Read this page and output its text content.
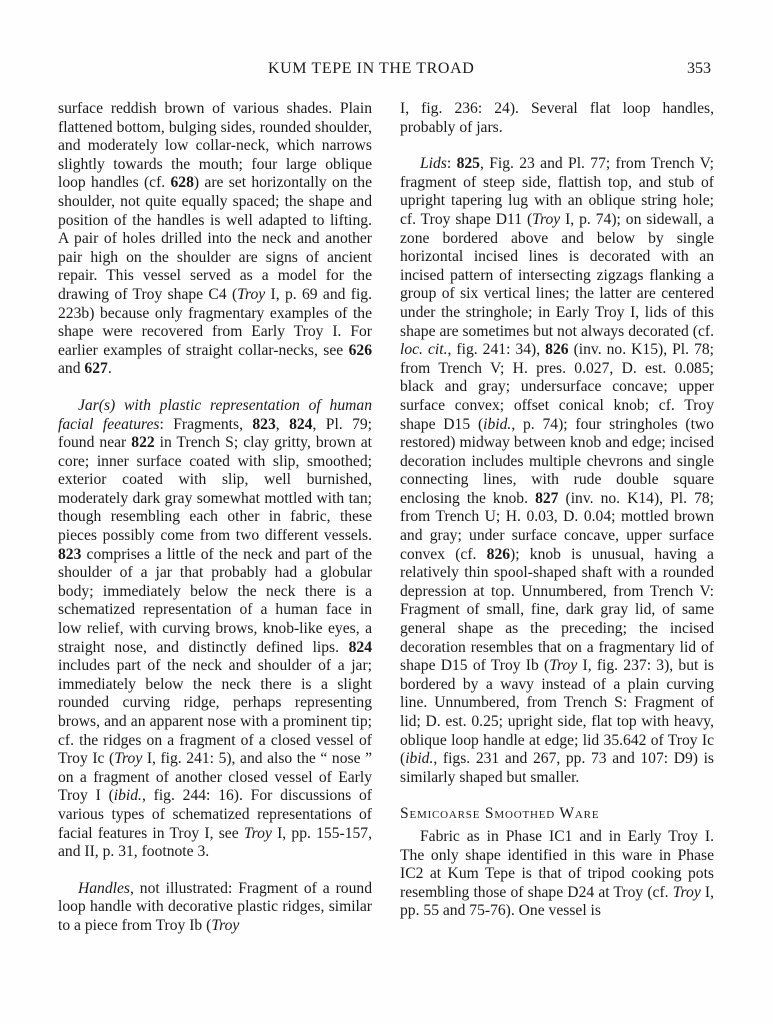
KUM TEPE IN THE TROAD	353

surface reddish brown of various shades. Plain flattened bottom, bulging sides, rounded shoulder, and moderately low collar-neck, which narrows slightly towards the mouth; four large oblique loop handles (cf. 628) are set horizontally on the shoulder, not quite equally spaced; the shape and position of the handles is well adapted to lifting. A pair of holes drilled into the neck and another pair high on the shoulder are signs of ancient repair. This vessel served as a model for the drawing of Troy shape C4 (Troy I, p. 69 and fig. 223b) because only fragmentary examples of the shape were recovered from Early Troy I. For earlier examples of straight collar-necks, see 626 and 627.

Jar(s) with plastic representation of human facial feeatures: Fragments, 823, 824, Pl. 79; found near 822 in Trench S; clay gritty, brown at core; inner surface coated with slip, smoothed; exterior coated with slip, well burnished, moderately dark gray somewhat mottled with tan; though resembling each other in fabric, these pieces possibly come from two different vessels. 823 comprises a little of the neck and part of the shoulder of a jar that probably had a globular body; immediately below the neck there is a schematized representation of a human face in low relief, with curving brows, knob-like eyes, a straight nose, and distinctly defined lips. 824 includes part of the neck and shoulder of a jar; immediately below the neck there is a slight rounded curving ridge, perhaps representing brows, and an apparent nose with a prominent tip; cf. the ridges on a fragment of a closed vessel of Troy Ic (Troy I, fig. 241: 5), and also the “ nose ” on a fragment of another closed vessel of Early Troy I (ibid., fig. 244: 16). For discussions of various types of schematized representations of facial features in Troy I, see Troy I, pp. 155-157, and II, p. 31, footnote 3.

Handles, not illustrated: Fragment of a round loop handle with decorative plastic ridges, similar to a piece from Troy Ib (Troy

I, fig. 236: 24). Several flat loop handles, probably of jars.

Lids: 825, Fig. 23 and Pl. 77; from Trench V; fragment of steep side, flattish top, and stub of upright tapering lug with an oblique string hole; cf. Troy shape D11 (Troy I, p. 74); on sidewall, a zone bordered above and below by single horizontal incised lines is decorated with an incised pattern of intersecting zigzags flanking a group of six vertical lines; the latter are centered under the stringhole; in Early Troy I, lids of this shape are sometimes but not always decorated (cf. loc. cit., fig. 241: 34), 826 (inv. no. K15), Pl. 78; from Trench V; H. pres. 0.027, D. est. 0.085; black and gray; undersurface concave; upper surface convex; offset conical knob; cf. Troy shape D15 (ibid., p. 74); four stringholes (two restored) midway between knob and edge; incised decoration includes multiple chevrons and single connecting lines, with rude double square enclosing the knob. 827 (inv. no. K14), Pl. 78; from Trench U; H. 0.03, D. 0.04; mottled brown and gray; under surface concave, upper surface convex (cf. 826); knob is unusual, having a relatively thin spool-shaped shaft with a rounded depression at top. Unnumbered, from Trench V: Fragment of small, fine, dark gray lid, of same general shape as the preceding; the incised decoration resembles that on a fragmentary lid of shape D15 of Troy Ib (Troy I, fig. 237: 3), but is bordered by a wavy instead of a plain curving line. Unnumbered, from Trench S: Fragment of lid; D. est. 0.25; upright side, flat top with heavy, oblique loop handle at edge; lid 35.642 of Troy Ic (ibid., figs. 231 and 267, pp. 73 and 107: D9) is similarly shaped but smaller.

Semicoarse Smoothed Ware

Fabric as in Phase IC1 and in Early Troy I. The only shape identified in this ware in Phase IC2 at Kum Tepe is that of tripod cooking pots resembling those of shape D24 at Troy (cf. Troy I, pp. 55 and 75-76). One vessel is
